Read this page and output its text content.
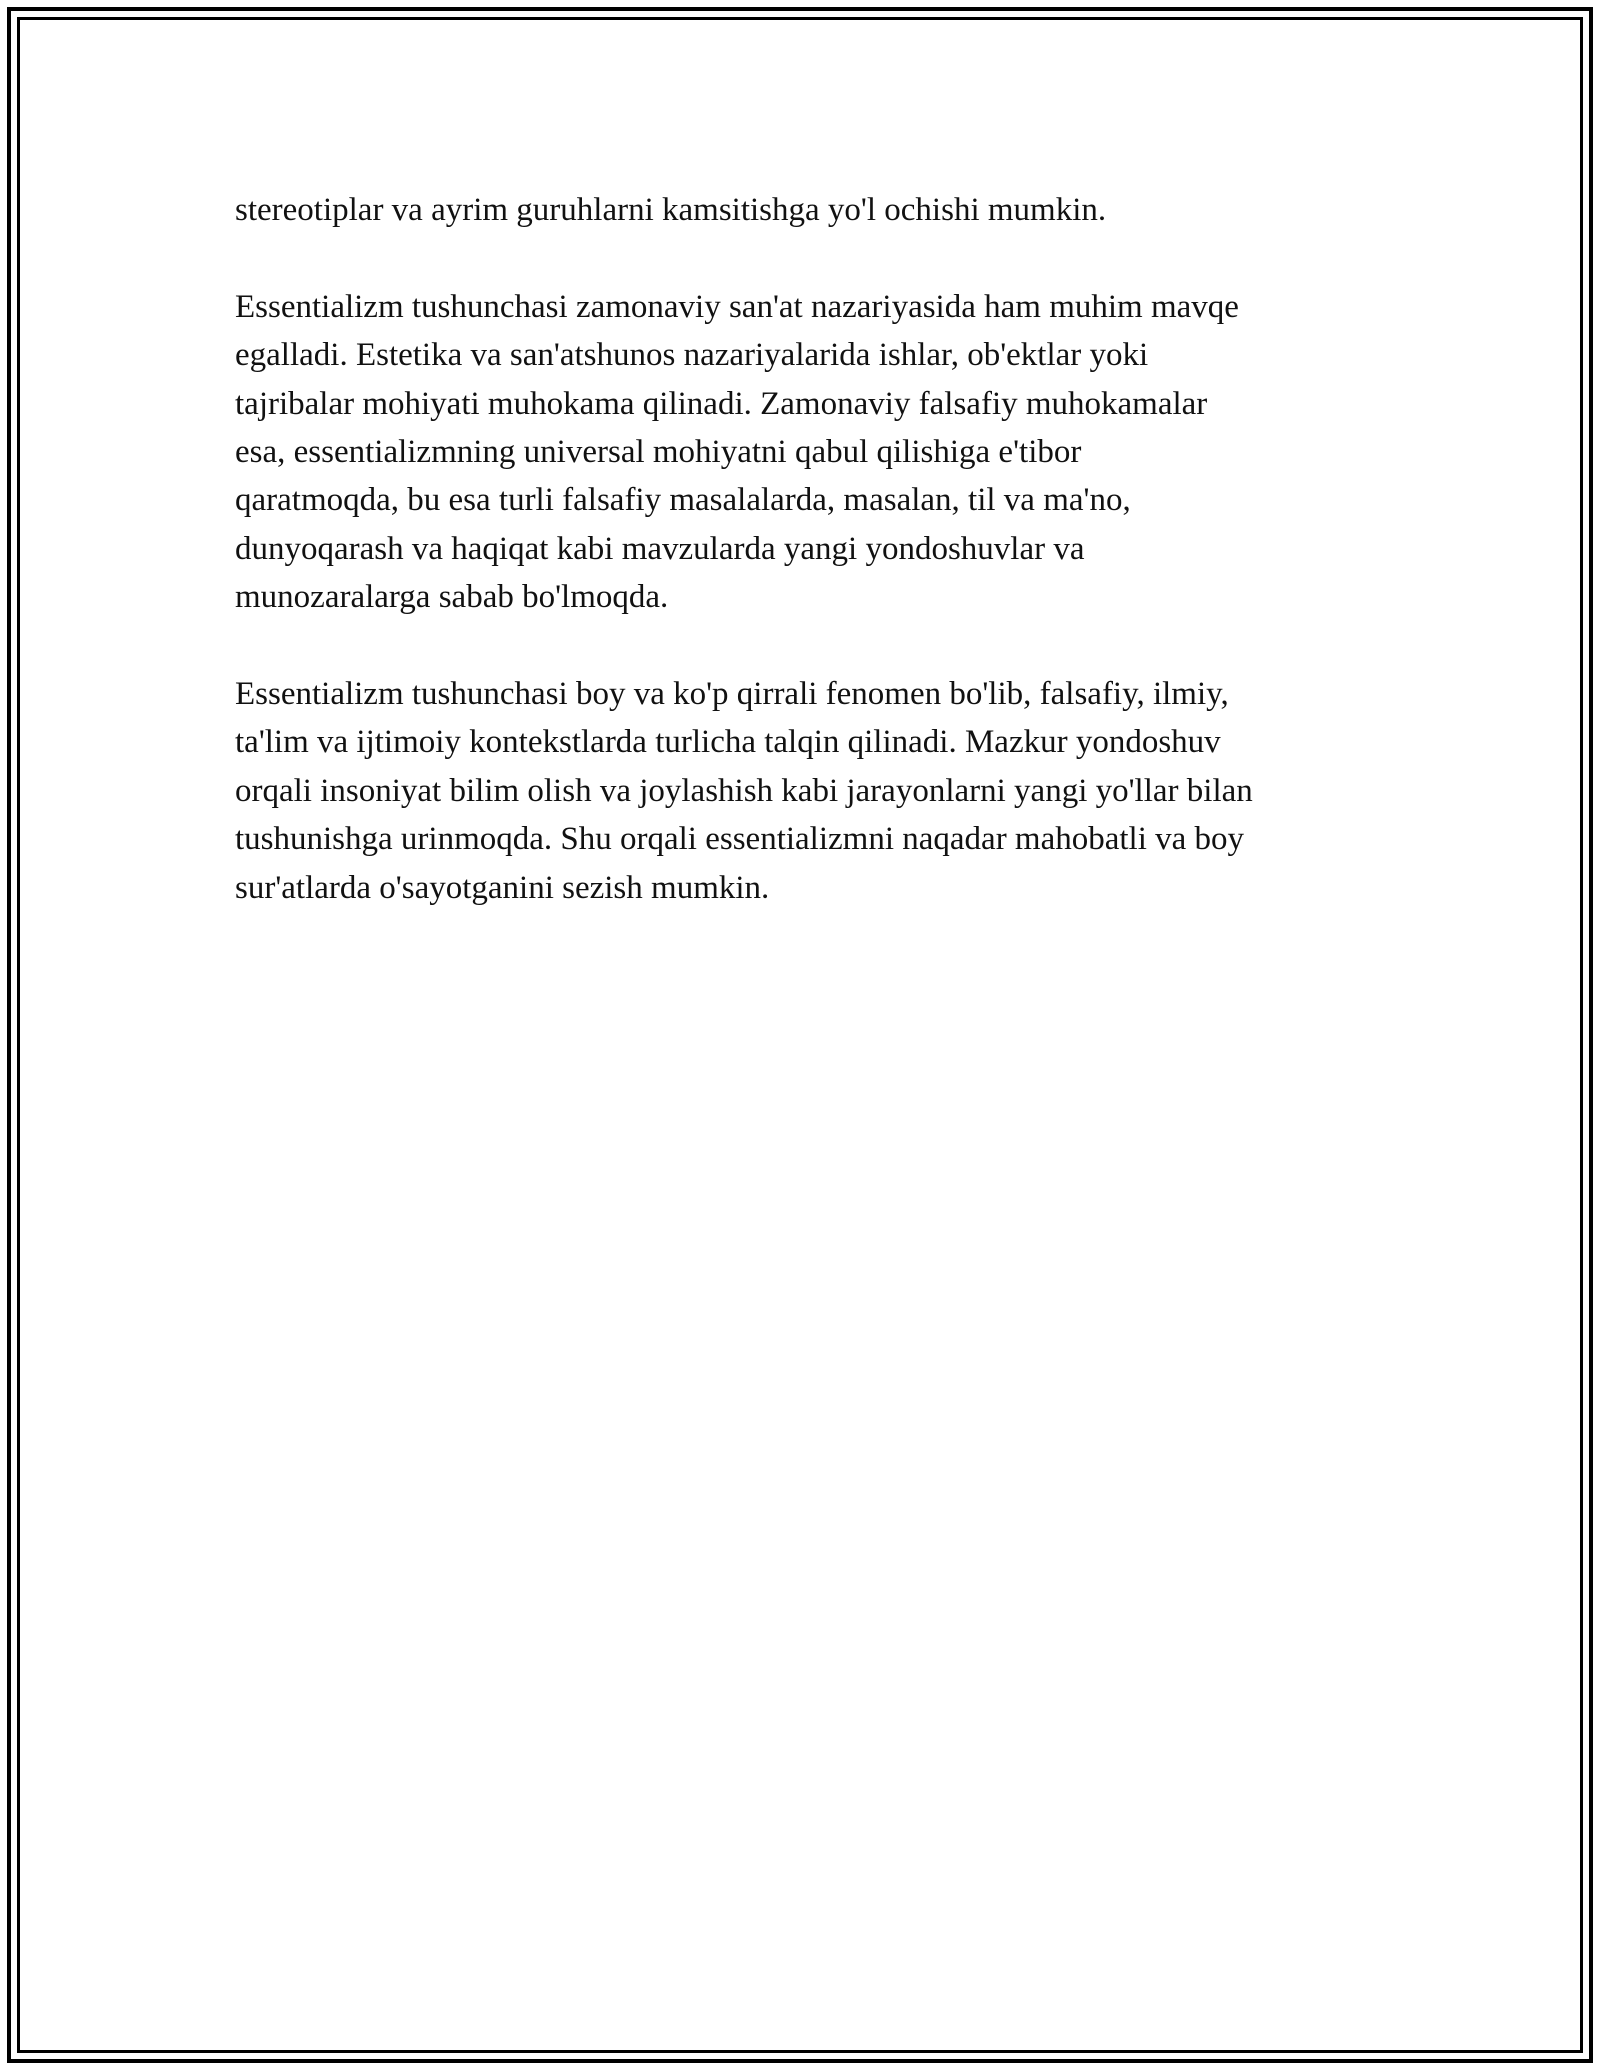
stereotiplar va ayrim guruhlarni kamsitishga yo'l ochishi mumkin.

Essentializm tushunchasi zamonaviy san'at nazariyasida ham muhim mavqe
egalladi. Estetika va san'atshunos nazariyalarida ishlar, ob'ektlar yoki
tajribalar mohiyati muhokama qilinadi. Zamonaviy falsafiy muhokamalar
esa, essentializmning universal mohiyatni qabul qilishiga e'tibor
qaratmoqda, bu esa turli falsafiy masalalarda, masalan, til va ma'no,
dunyoqarash va haqiqat kabi mavzularda yangi yondoshuvlar va
munozaralarga sabab bo'lmoqda.

Essentializm tushunchasi boy va ko'p qirrali fenomen bo'lib, falsafiy, ilmiy,
ta'lim va ijtimoiy kontekstlarda turlicha talqin qilinadi. Mazkur yondoshuv
orqali insoniyat bilim olish va joylashish kabi jarayonlarni yangi yo'llar bilan
tushunishga urinmoqda. Shu orqali essentializmni naqadar mahobatli va boy
sur'atlarda o'sayotganini sezish mumkin.
